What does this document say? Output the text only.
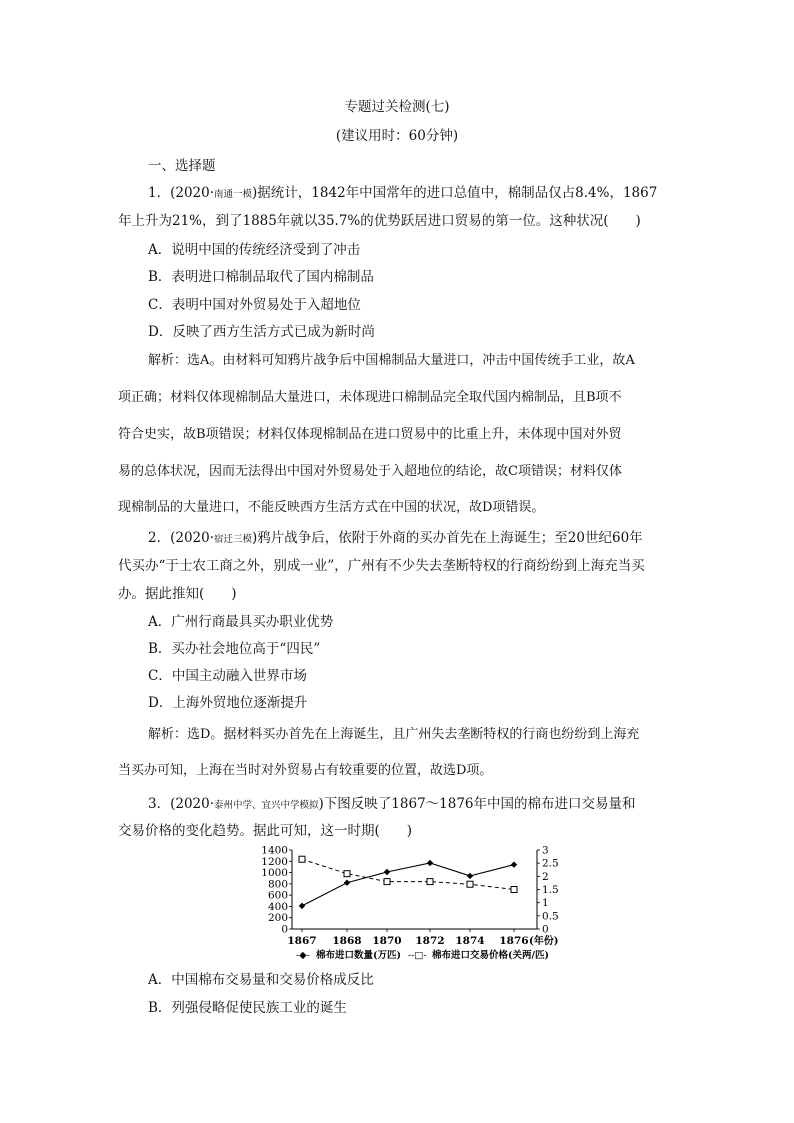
专题过关检测(七)
(建议用时：60分钟)
一、选择题
1．(2020·南通一模)据统计，1842年中国常年的进口总值中，棉制品仅占8.4%，1867
年上升为21%，到了1885年就以35.7%的优势跃居进口贸易的第一位。这种状况(　　)
A．说明中国的传统经济受到了冲击
B．表明进口棉制品取代了国内棉制品
C．表明中国对外贸易处于入超地位
D．反映了西方生活方式已成为新时尚
解析：选A。由材料可知鸦片战争后中国棉制品大量进口，冲击中国传统手工业，故A
项正确；材料仅体现棉制品大量进口，未体现进口棉制品完全取代国内棉制品，且B项不
符合史实，故B项错误；材料仅体现棉制品在进口贸易中的比重上升，未体现中国对外贸
易的总体状况，因而无法得出中国对外贸易处于入超地位的结论，故C项错误；材料仅体
现棉制品的大量进口，不能反映西方生活方式在中国的状况，故D项错误。
2．(2020·宿迁三模)鸦片战争后，依附于外商的买办首先在上海诞生；至20世纪60年
代买办“于士农工商之外，别成一业”，广州有不少失去垄断特权的行商纷纷到上海充当买
办。据此推知(　　)
A．广州行商最具买办职业优势
B．买办社会地位高于“四民”
C．中国主动融入世界市场
D．上海外贸地位逐渐提升
解析：选D。据材料买办首先在上海诞生，且广州失去垄断特权的行商也纷纷到上海充
当买办可知，上海在当时对外贸易占有较重要的位置，故选D项。
3．(2020·泰州中学、宜兴中学模拟)下图反映了1867～1876年中国的棉布进口交易量和
交易价格的变化趋势。据此可知，这一时期(　　)
0
200
400
600
800
1000
1200
1400
0
0.5
1
1.5
2
2.5
3
1867 1868 1870 1872 1874 1876 (年份)
-◆- 棉布进口数量(万匹) --□- 棉布进口交易价格(关两/匹)
A．中国棉布交易量和交易价格成反比
B．列强侵略促使民族工业的诞生
